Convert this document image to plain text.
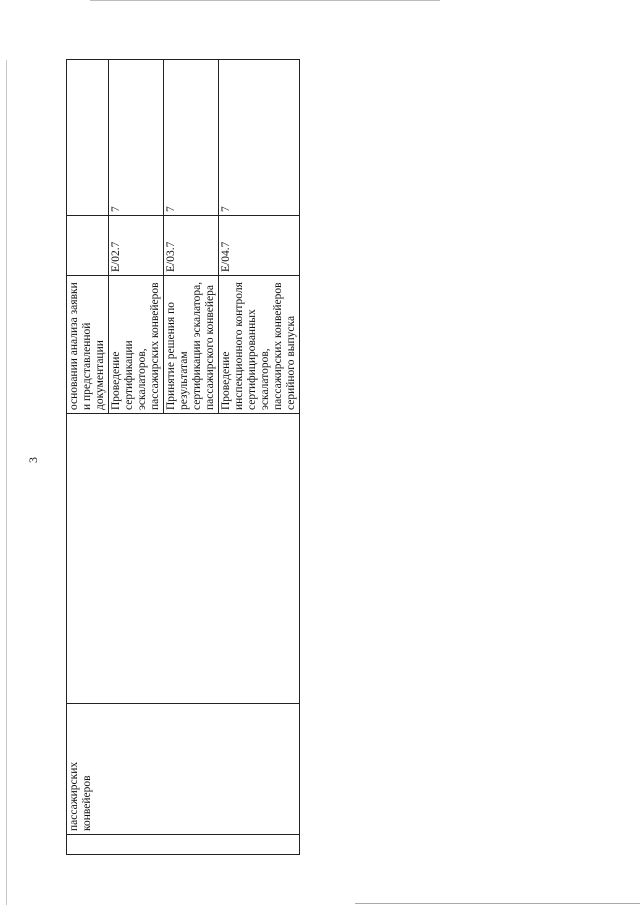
3
	пассажирских конвейеров		основании анализа заявки и представленной документации		
			Проведение сертификации эскалаторов, пассажирских конвейеров	E/02.7	7
			Принятие решения по результатам сертификации эскалатора, пассажирского конвейера	E/03.7	7
			Проведение инспекционного контроля сертифицированных эскалаторов, пассажирских конвейеров серийного выпуска	E/04.7	7
